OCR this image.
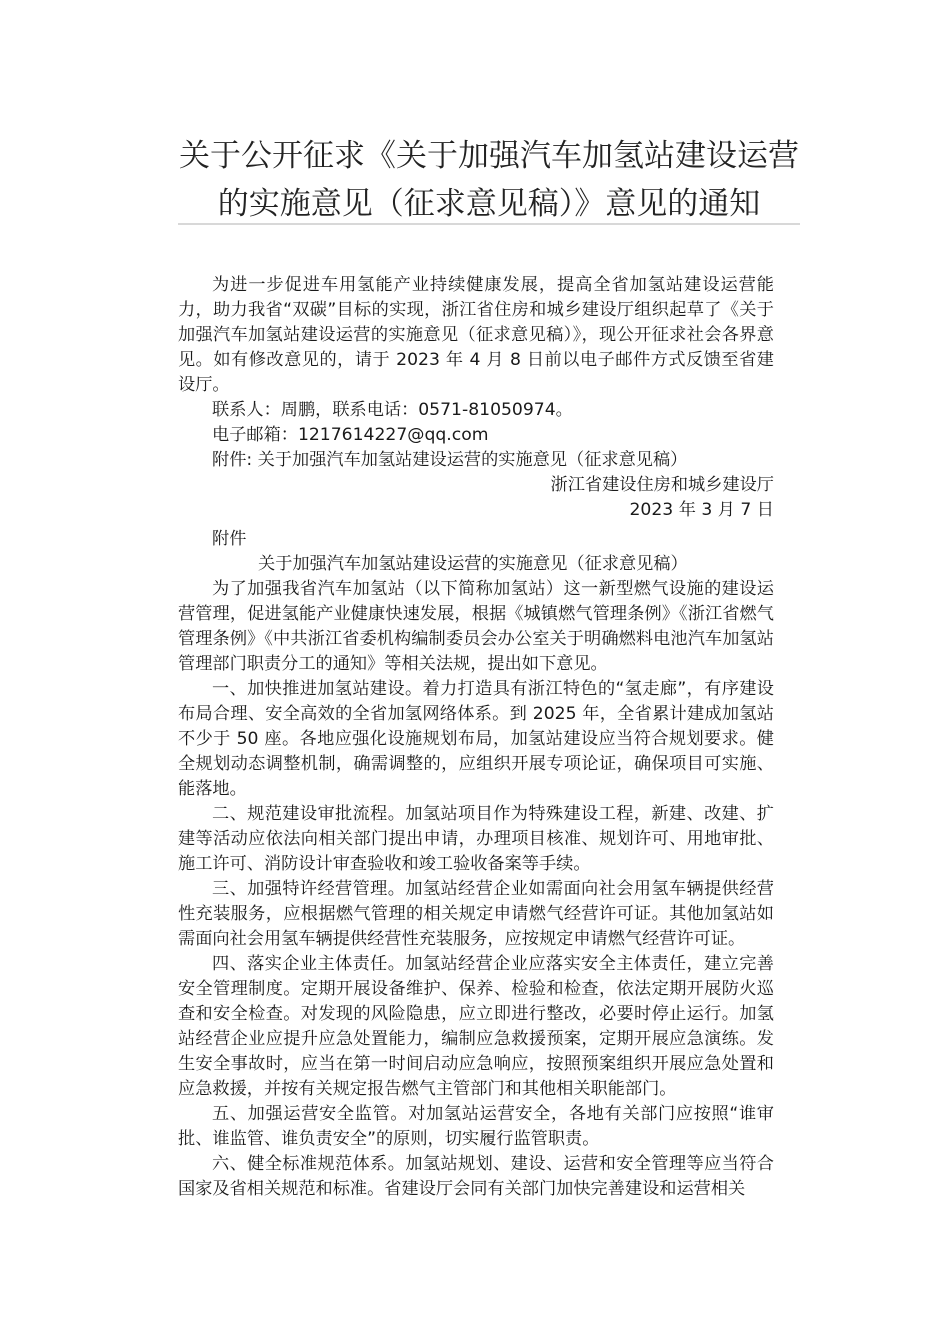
关于公开征求《关于加强汽车加氢站建设运营
的实施意见（征求意见稿）》意见的通知

为进一步促进车用氢能产业持续健康发展，提高全省加氢站建设运营能力，助力我省“双碳”目标的实现，浙江省住房和城乡建设厅组织起草了《关于加强汽车加氢站建设运营的实施意见（征求意见稿）》，现公开征求社会各界意见。如有修改意见的，请于 2023 年 4 月 8 日前以电子邮件方式反馈至省建设厅。

联系人：周鹏，联系电话：0571-81050974。

电子邮箱：1217614227@qq.com

附件: 关于加强汽车加氢站建设运营的实施意见（征求意见稿）

浙江省建设住房和城乡建设厅

2023 年 3 月 7 日

附件

关于加强汽车加氢站建设运营的实施意见（征求意见稿）

为了加强我省汽车加氢站（以下简称加氢站）这一新型燃气设施的建设运营管理，促进氢能产业健康快速发展，根据《城镇燃气管理条例》《浙江省燃气管理条例》《中共浙江省委机构编制委员会办公室关于明确燃料电池汽车加氢站管理部门职责分工的通知》等相关法规，提出如下意见。

一、加快推进加氢站建设。着力打造具有浙江特色的“氢走廊”，有序建设布局合理、安全高效的全省加氢网络体系。到 2025 年，全省累计建成加氢站不少于 50 座。各地应强化设施规划布局，加氢站建设应当符合规划要求。健全规划动态调整机制，确需调整的，应组织开展专项论证，确保项目可实施、能落地。

二、规范建设审批流程。加氢站项目作为特殊建设工程，新建、改建、扩建等活动应依法向相关部门提出申请，办理项目核准、规划许可、用地审批、施工许可、消防设计审查验收和竣工验收备案等手续。

三、加强特许经营管理。加氢站经营企业如需面向社会用氢车辆提供经营性充装服务，应根据燃气管理的相关规定申请燃气经营许可证。其他加氢站如需面向社会用氢车辆提供经营性充装服务，应按规定申请燃气经营许可证。

四、落实企业主体责任。加氢站经营企业应落实安全主体责任，建立完善安全管理制度。定期开展设备维护、保养、检验和检查，依法定期开展防火巡查和安全检查。对发现的风险隐患，应立即进行整改，必要时停止运行。加氢站经营企业应提升应急处置能力，编制应急救援预案，定期开展应急演练。发生安全事故时，应当在第一时间启动应急响应，按照预案组织开展应急处置和应急救援，并按有关规定报告燃气主管部门和其他相关职能部门。

五、加强运营安全监管。对加氢站运营安全，各地有关部门应按照“谁审批、谁监管、谁负责安全”的原则，切实履行监管职责。

六、健全标准规范体系。加氢站规划、建设、运营和安全管理等应当符合国家及省相关规范和标准。省建设厅会同有关部门加快完善建设和运营相关
